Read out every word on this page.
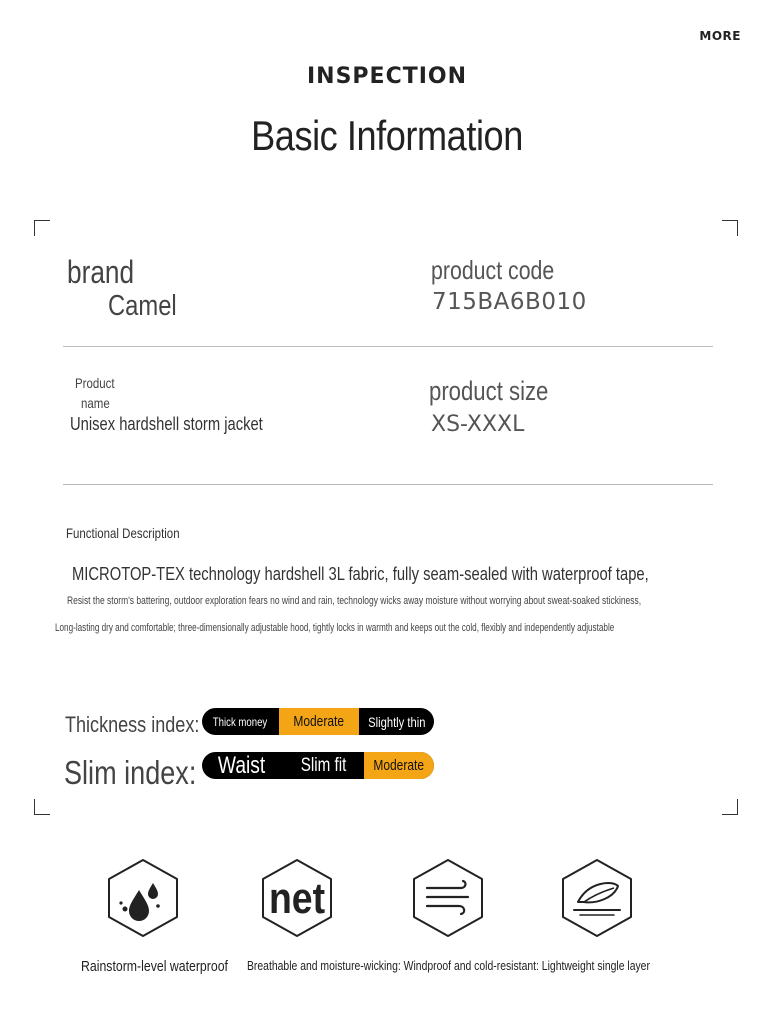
MORE
INSPECTION
Basic Information
brand
Camel
product code
715BA6B010
Product
name
Unisex hardshell storm jacket
product size
XS-XXXL
Functional Description
MICROTOP-TEX technology hardshell 3L fabric, fully seam-sealed with waterproof tape,
Resist the storm's battering, outdoor exploration fears no wind and rain, technology wicks away moisture without worrying about sweat-soaked stickiness,
Long-lasting dry and comfortable; three-dimensionally adjustable hood, tightly locks in warmth and keeps out the cold, flexibly and independently adjustable
Thickness index:	Thick money Moderate Slightly thin
Slim index: Waist Slim fit Moderate
net
Rainstorm-level waterproof	Breathable and moisture-wicking: Windproof and cold-resistant: Lightweight single layer
